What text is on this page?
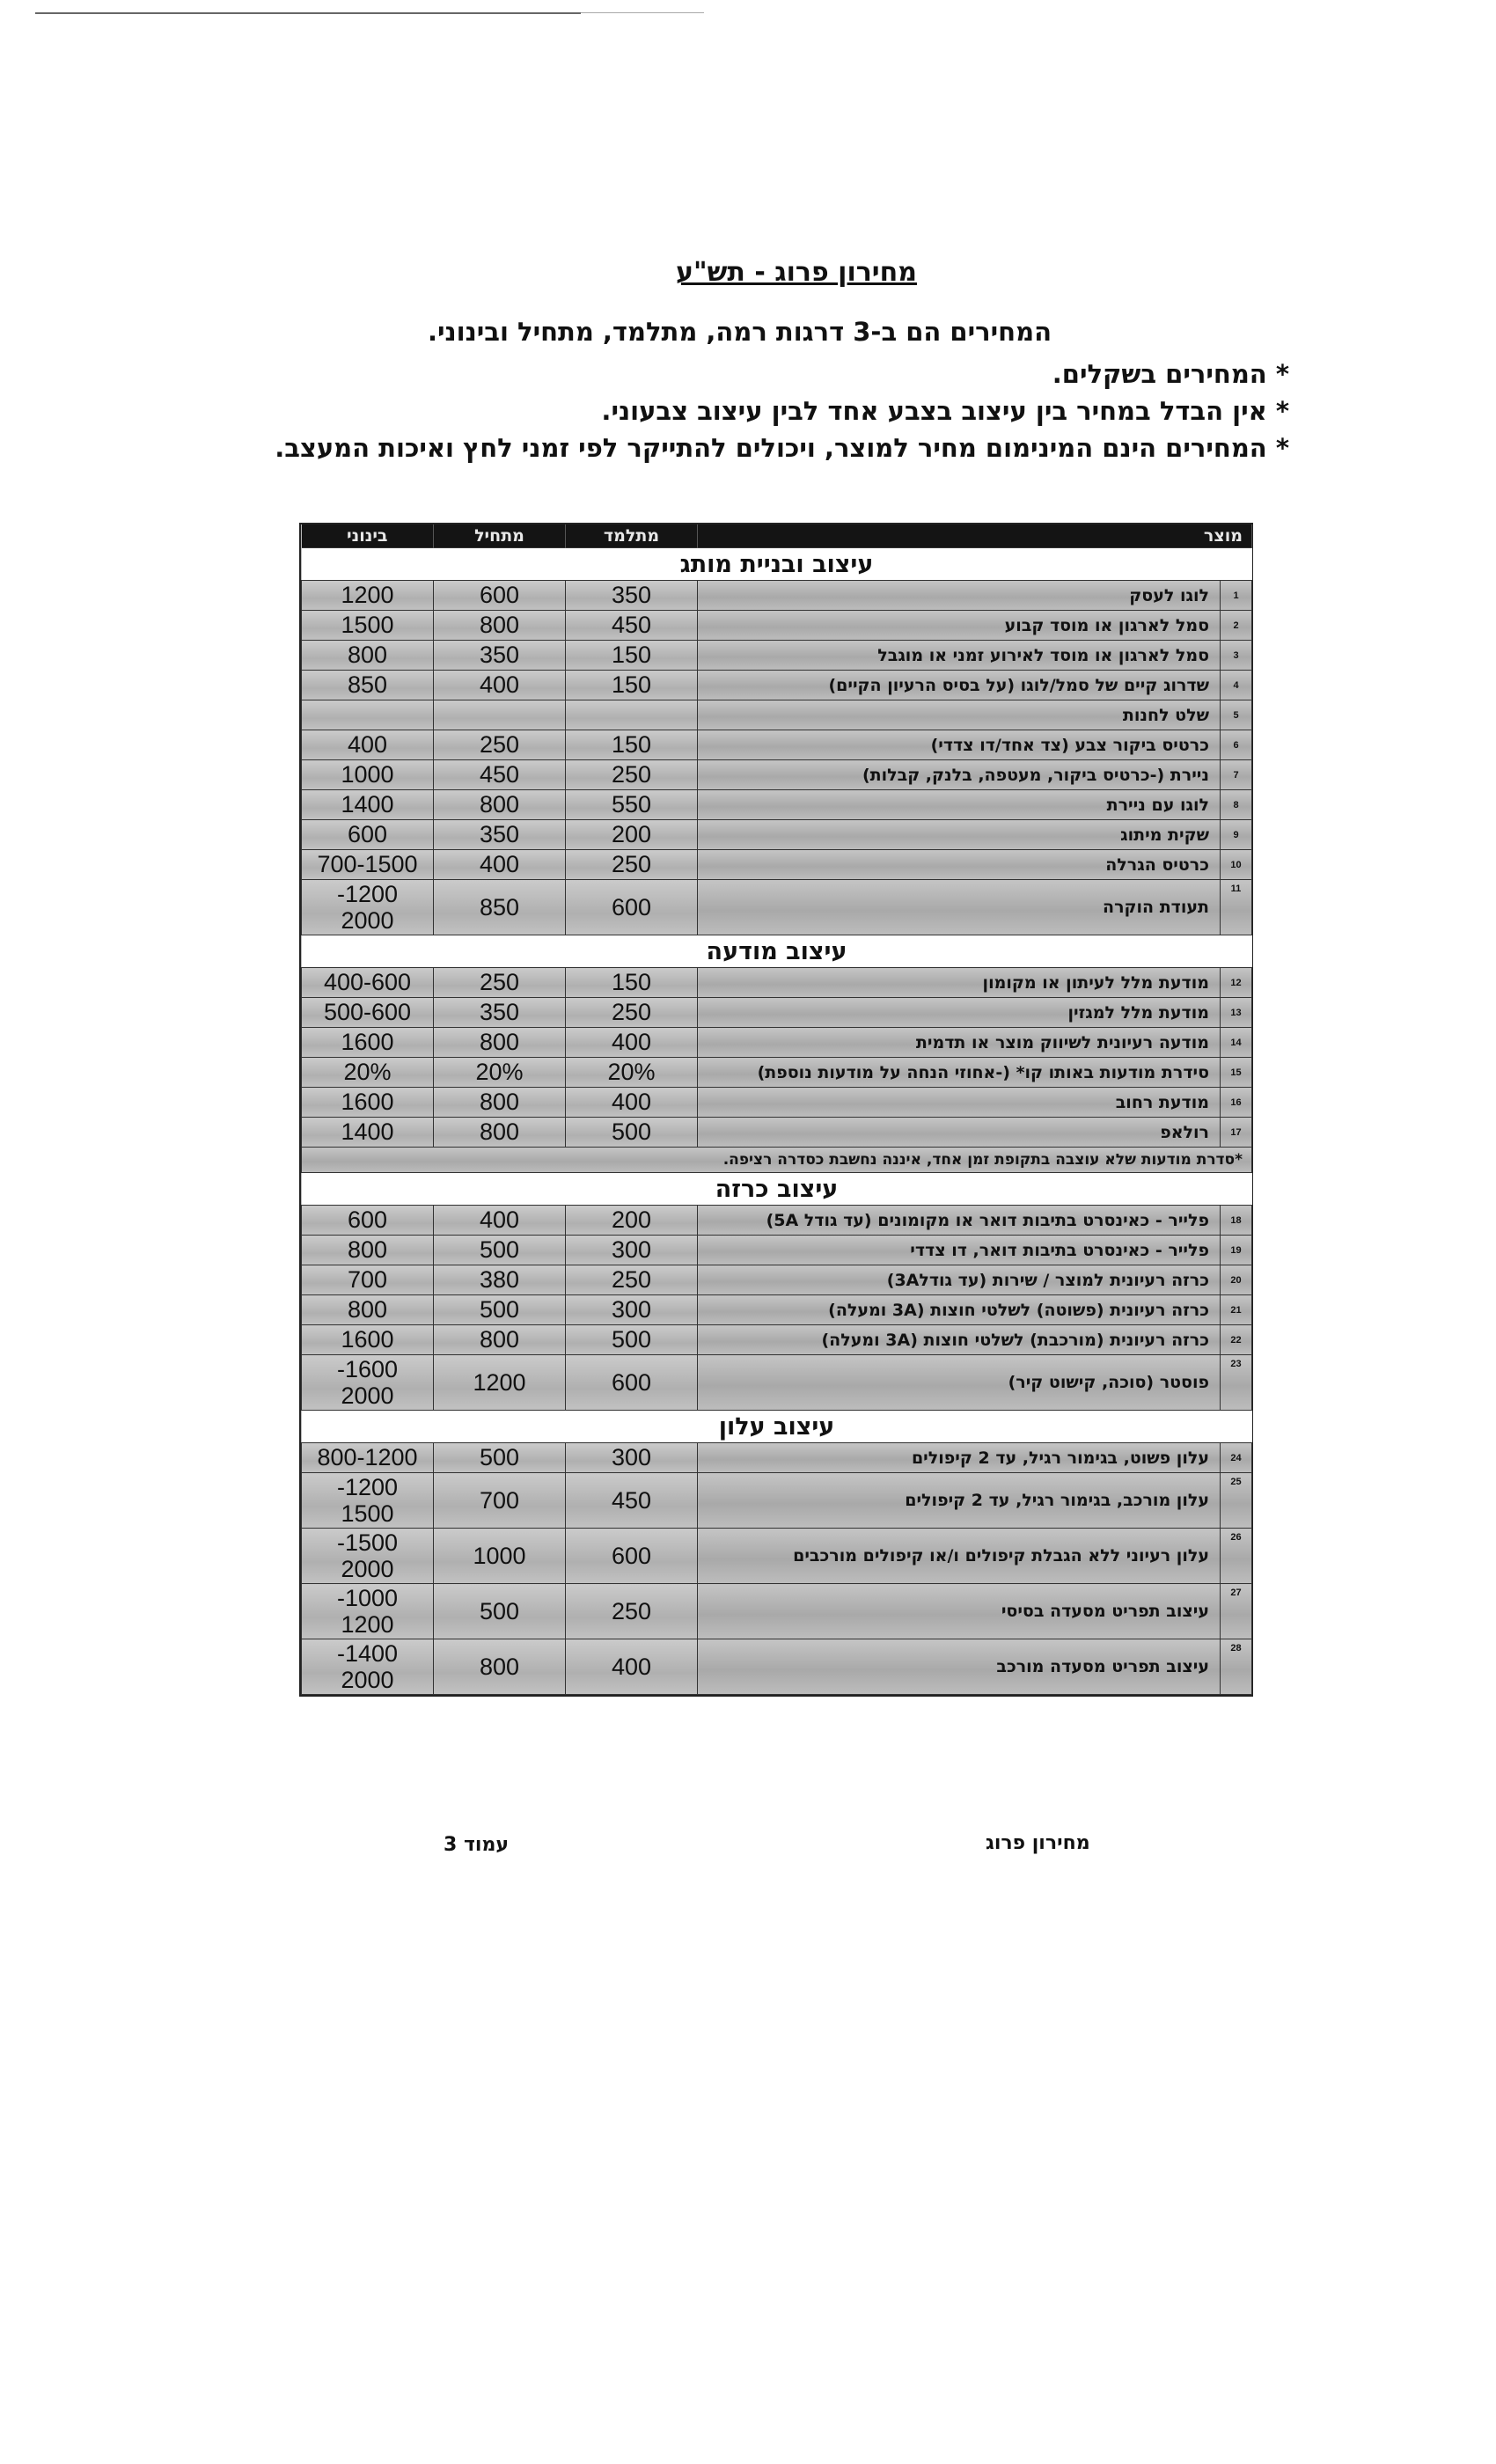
מחירון פרוג - תש"ע
המחירים הם ב-3 דרגות רמה, מתלמד, מתחיל ובינוני.
* המחירים בשקלים.
* אין הבדל במחיר בין עיצוב בצבע אחד לבין עיצוב צבעוני.
* המחירים הינם המינימום מחיר למוצר, ויכולים להתייקר לפי זמני לחץ ואיכות המעצב.
מוצר		מתלמד	מתחיל	בינוני
עיצוב ובניית מותג				
1	לוגו לעסק	350	600	1200
2	סמל לארגון או מוסד קבוע	450	800	1500
3	סמל לארגון או מוסד לאירוע זמני או מוגבל	150	350	800
4	שדרוג קיים של סמל/לוגו (על בסיס הרעיון הקיים)	150	400	850
5	שלט לחנות			
6	כרטיס ביקור צבע (צד אחד/דו צדדי)	150	250	400
7	ניירת (-כרטיס ביקור, מעטפה, בלנק, קבלות)	250	450	1000
8	לוגו עם ניירת	550	800	1400
9	שקית מיתוג	200	350	600
10	כרטיס הגרלה	250	400	700-1500
11	תעודת הוקרה	600	850	1200-
2000

עיצוב מודעה				
12	מודעת מלל לעיתון או מקומון	150	250	400-600
13	מודעת מלל למגזין	250	350	500-600
14	מודעה רעיונית לשיווק מוצר או תדמית	400	800	1600
15	סידרת מודעות באותו קו* (-אחוזי הנחה על מודעות נוספת)	20%	20%	20%
16	מודעת רחוב	400	800	1600
17	רולאפ	500	800	1400
*סדרת מודעות שלא עוצבה בתקופת זמן אחד, איננה נחשבת כסדרה רציפה.				
עיצוב כרזה				
18	פלייר - כאינסרט בתיבות דואר או מקומונים (עד גודל 5A)	200	400	600
19	פלייר - כאינסרט בתיבות דואר, דו צדדי	300	500	800
20	כרזה רעיונית למוצר / שירות (עד גודל3A)	250	380	700
21	כרזה רעיונית (פשוטה) לשלטי חוצות (3A ומעלה)	300	500	800
22	כרזה רעיונית (מורכבת) לשלטי חוצות (3A ומעלה)	500	800	1600
23	פוסטר (סוכה, קישוט קיר)	600	1200	1600-
2000

עיצוב עלון				
24	עלון פשוט, בגימור רגיל, עד 2 קיפולים	300	500	800-1200
25	עלון מורכב, בגימור רגיל, עד 2 קיפולים	450	700	1200-
1500

26	עלון רעיוני ללא הגבלת קיפולים ו/או קיפולים מורכבים	600	1000	1500-
2000

27	עיצוב תפריט מסעדה בסיסי	250	500	1000-
1200

28	עיצוב תפריט מסעדה מורכב	400	800	1400-
2000
עמוד 3	מחירון פרוג
